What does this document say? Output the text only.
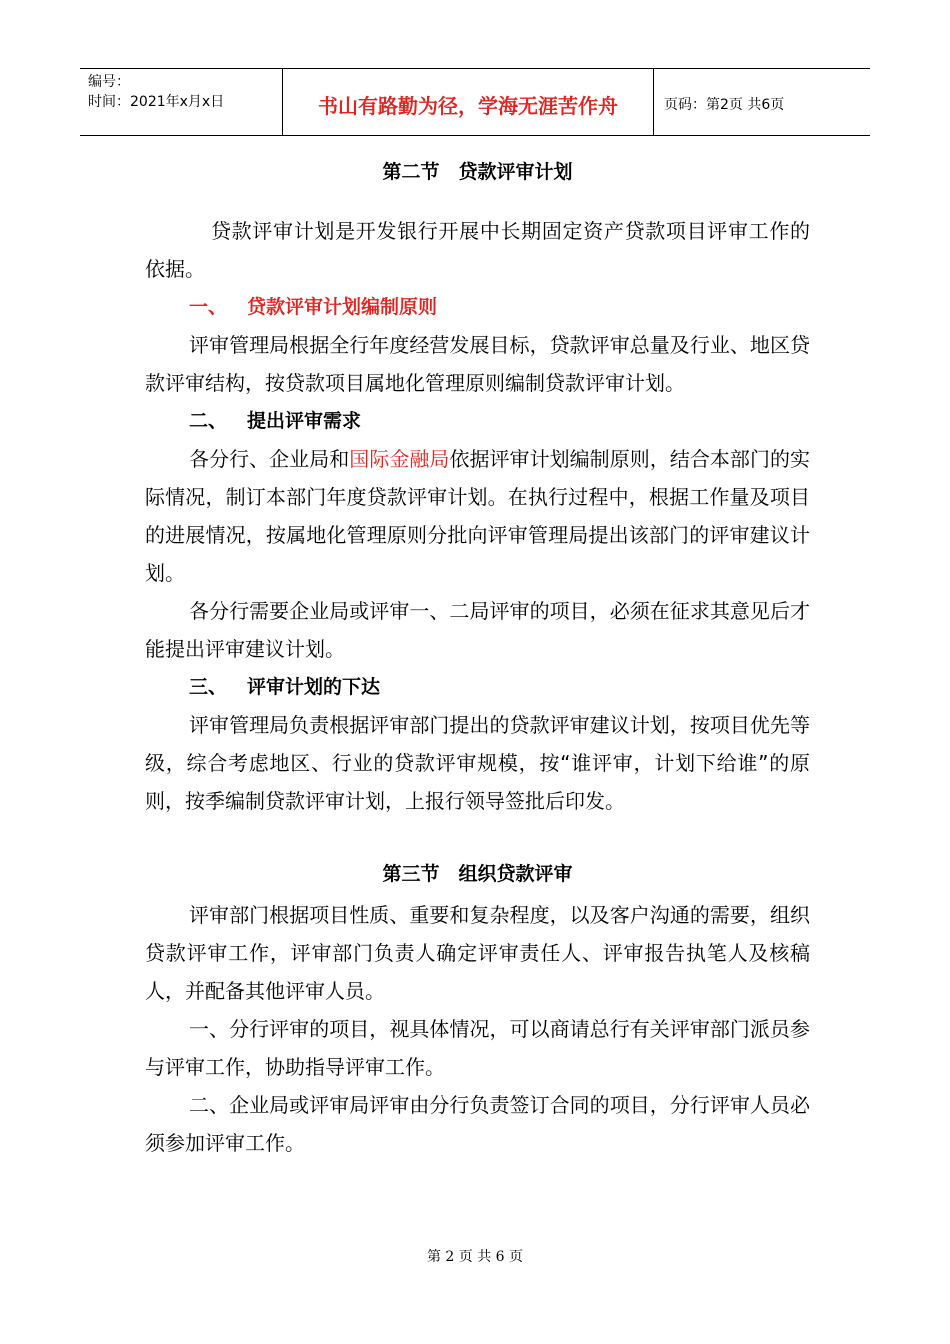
编号：
时间：2021年x月x日	书山有路勤为径，学海无涯苦作舟	页码：第2页 共6页
第二节　贷款评审计划

贷款评审计划是开发银行开展中长期固定资产贷款项目评审工作的依据。

一、 贷款评审计划编制原则

评审管理局根据全行年度经营发展目标，贷款评审总量及行业、地区贷款评审结构，按贷款项目属地化管理原则编制贷款评审计划。

二、 提出评审需求

各分行、企业局和国际金融局依据评审计划编制原则，结合本部门的实际情况，制订本部门年度贷款评审计划。在执行过程中，根据工作量及项目的进展情况，按属地化管理原则分批向评审管理局提出该部门的评审建议计划。

各分行需要企业局或评审一、二局评审的项目，必须在征求其意见后才能提出评审建议计划。

三、 评审计划的下达

评审管理局负责根据评审部门提出的贷款评审建议计划，按项目优先等级，综合考虑地区、行业的贷款评审规模，按“谁评审，计划下给谁”的原则，按季编制贷款评审计划，上报行领导签批后印发。

第三节　组织贷款评审

评审部门根据项目性质、重要和复杂程度，以及客户沟通的需要，组织贷款评审工作，评审部门负责人确定评审责任人、评审报告执笔人及核稿人，并配备其他评审人员。

一、分行评审的项目，视具体情况，可以商请总行有关评审部门派员参与评审工作，协助指导评审工作。

二、企业局或评审局评审由分行负责签订合同的项目，分行评审人员必须参加评审工作。

第 2 页 共 6 页
